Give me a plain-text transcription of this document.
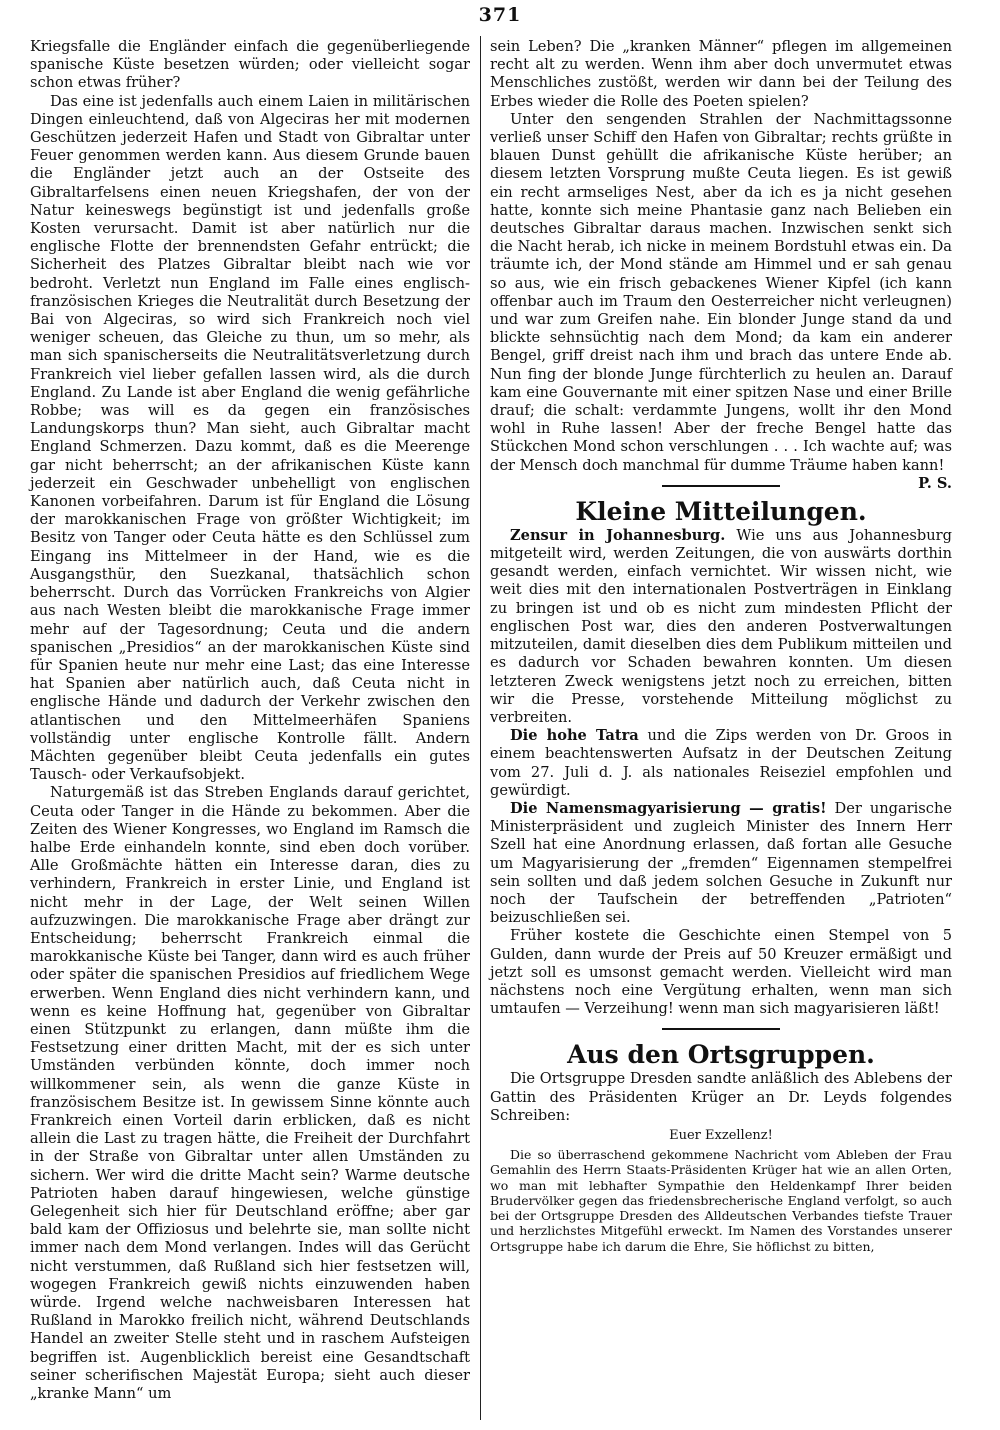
371

Kriegsfalle die Engländer einfach die gegenüberliegende spanische Küste besetzen würden; oder vielleicht sogar schon etwas früher?

Das eine ist jedenfalls auch einem Laien in militärischen Dingen einleuchtend, daß von Algeciras her mit modernen Geschützen jederzeit Hafen und Stadt von Gibraltar unter Feuer genommen werden kann. Aus diesem Grunde bauen die Engländer jetzt auch an der Ostseite des Gibraltarfelsens einen neuen Kriegshafen, der von der Natur keineswegs begünstigt ist und jedenfalls große Kosten verursacht. Damit ist aber natürlich nur die englische Flotte der brennendsten Gefahr entrückt; die Sicherheit des Platzes Gibraltar bleibt nach wie vor bedroht. Verletzt nun England im Falle eines englisch-französischen Krieges die Neutralität durch Besetzung der Bai von Algeciras, so wird sich Frankreich noch viel weniger scheuen, das Gleiche zu thun, um so mehr, als man sich spanischerseits die Neutralitätsverletzung durch Frankreich viel lieber gefallen lassen wird, als die durch England. Zu Lande ist aber England die wenig gefährliche Robbe; was will es da gegen ein französisches Landungskorps thun? Man sieht, auch Gibraltar macht England Schmerzen. Dazu kommt, daß es die Meerenge gar nicht beherrscht; an der afrikanischen Küste kann jederzeit ein Geschwader unbehelligt von englischen Kanonen vorbeifahren. Darum ist für England die Lösung der marokkanischen Frage von größter Wichtigkeit; im Besitz von Tanger oder Ceuta hätte es den Schlüssel zum Eingang ins Mittelmeer in der Hand, wie es die Ausgangsthür, den Suezkanal, thatsächlich schon beherrscht. Durch das Vorrücken Frankreichs von Algier aus nach Westen bleibt die marokkanische Frage immer mehr auf der Tagesordnung; Ceuta und die andern spanischen „Presidios“ an der marokkanischen Küste sind für Spanien heute nur mehr eine Last; das eine Interesse hat Spanien aber natürlich auch, daß Ceuta nicht in englische Hände und dadurch der Verkehr zwischen den atlantischen und den Mittelmeerhäfen Spaniens vollständig unter englische Kontrolle fällt. Andern Mächten gegenüber bleibt Ceuta jedenfalls ein gutes Tausch- oder Verkaufsobjekt.

Naturgemäß ist das Streben Englands darauf gerichtet, Ceuta oder Tanger in die Hände zu bekommen. Aber die Zeiten des Wiener Kongresses, wo England im Ramsch die halbe Erde einhandeln konnte, sind eben doch vorüber. Alle Großmächte hätten ein Interesse daran, dies zu verhindern, Frankreich in erster Linie, und England ist nicht mehr in der Lage, der Welt seinen Willen aufzuzwingen. Die marokkanische Frage aber drängt zur Entscheidung; beherrscht Frankreich einmal die marokkanische Küste bei Tanger, dann wird es auch früher oder später die spanischen Presidios auf friedlichem Wege erwerben. Wenn England dies nicht verhindern kann, und wenn es keine Hoffnung hat, gegenüber von Gibraltar einen Stützpunkt zu erlangen, dann müßte ihm die Festsetzung einer dritten Macht, mit der es sich unter Umständen verbünden könnte, doch immer noch willkommener sein, als wenn die ganze Küste in französischem Besitze ist. In gewissem Sinne könnte auch Frankreich einen Vorteil darin erblicken, daß es nicht allein die Last zu tragen hätte, die Freiheit der Durchfahrt in der Straße von Gibraltar unter allen Umständen zu sichern. Wer wird die dritte Macht sein? Warme deutsche Patrioten haben darauf hingewiesen, welche günstige Gelegenheit sich hier für Deutschland eröffne; aber gar bald kam der Offiziosus und belehrte sie, man sollte nicht immer nach dem Mond verlangen. Indes will das Gerücht nicht verstummen, daß Rußland sich hier festsetzen will, wogegen Frankreich gewiß nichts einzuwenden haben würde. Irgend welche nachweisbaren Interessen hat Rußland in Marokko freilich nicht, während Deutschlands Handel an zweiter Stelle steht und in raschem Aufsteigen begriffen ist. Augenblicklich bereist eine Gesandtschaft seiner scherifischen Majestät Europa; sieht auch dieser „kranke Mann“ um

sein Leben? Die „kranken Männer“ pflegen im allgemeinen recht alt zu werden. Wenn ihm aber doch unvermutet etwas Menschliches zustößt, werden wir dann bei der Teilung des Erbes wieder die Rolle des Poeten spielen?

Unter den sengenden Strahlen der Nachmittagssonne verließ unser Schiff den Hafen von Gibraltar; rechts grüßte in blauen Dunst gehüllt die afrikanische Küste herüber; an diesem letzten Vorsprung mußte Ceuta liegen. Es ist gewiß ein recht armseliges Nest, aber da ich es ja nicht gesehen hatte, konnte sich meine Phantasie ganz nach Belieben ein deutsches Gibraltar daraus machen. Inzwischen senkt sich die Nacht herab, ich nicke in meinem Bordstuhl etwas ein. Da träumte ich, der Mond stände am Himmel und er sah genau so aus, wie ein frisch gebackenes Wiener Kipfel (ich kann offenbar auch im Traum den Oesterreicher nicht verleugnen) und war zum Greifen nahe. Ein blonder Junge stand da und blickte sehnsüchtig nach dem Mond; da kam ein anderer Bengel, griff dreist nach ihm und brach das untere Ende ab. Nun fing der blonde Junge fürchterlich zu heulen an. Darauf kam eine Gouvernante mit einer spitzen Nase und einer Brille drauf; die schalt: verdammte Jungens, wollt ihr den Mond wohl in Ruhe lassen! Aber der freche Bengel hatte das Stückchen Mond schon verschlungen . . . Ich wachte auf; was der Mensch doch manchmal für dumme Träume haben kann!
P. S.

Kleine Mitteilungen.

Zensur in Johannesburg. Wie uns aus Johannesburg mitgeteilt wird, werden Zeitungen, die von auswärts dorthin gesandt werden, einfach vernichtet. Wir wissen nicht, wie weit dies mit den internationalen Postverträgen in Einklang zu bringen ist und ob es nicht zum mindesten Pflicht der englischen Post war, dies den anderen Postverwaltungen mitzuteilen, damit dieselben dies dem Publikum mitteilen und es dadurch vor Schaden bewahren konnten. Um diesen letzteren Zweck wenigstens jetzt noch zu erreichen, bitten wir die Presse, vorstehende Mitteilung möglichst zu verbreiten.

Die hohe Tatra und die Zips werden von Dr. Groos in einem beachtenswerten Aufsatz in der Deutschen Zeitung vom 27. Juli d. J. als nationales Reiseziel empfohlen und gewürdigt.

Die Namensmagyarisierung — gratis! Der ungarische Ministerpräsident und zugleich Minister des Innern Herr Szell hat eine Anordnung erlassen, daß fortan alle Gesuche um Magyarisierung der „fremden“ Eigennamen stempelfrei sein sollten und daß jedem solchen Gesuche in Zukunft nur noch der Taufschein der betreffenden „Patrioten“ beizuschließen sei.

Früher kostete die Geschichte einen Stempel von 5 Gulden, dann wurde der Preis auf 50 Kreuzer ermäßigt und jetzt soll es umsonst gemacht werden. Vielleicht wird man nächstens noch eine Vergütung erhalten, wenn man sich umtaufen — Verzeihung! wenn man sich magyarisieren läßt!

Aus den Ortsgruppen.

Die Ortsgruppe Dresden sandte anläßlich des Ablebens der Gattin des Präsidenten Krüger an Dr. Leyds folgendes Schreiben:

Euer Exzellenz!

Die so überraschend gekommene Nachricht vom Ableben der Frau Gemahlin des Herrn Staats-Präsidenten Krüger hat wie an allen Orten, wo man mit lebhafter Sympathie den Heldenkampf Ihrer beiden Brudervölker gegen das friedensbrecherische England verfolgt, so auch bei der Ortsgruppe Dresden des Alldeutschen Verbandes tiefste Trauer und herzlichstes Mitgefühl erweckt. Im Namen des Vorstandes unserer Ortsgruppe habe ich darum die Ehre, Sie höflichst zu bitten,
